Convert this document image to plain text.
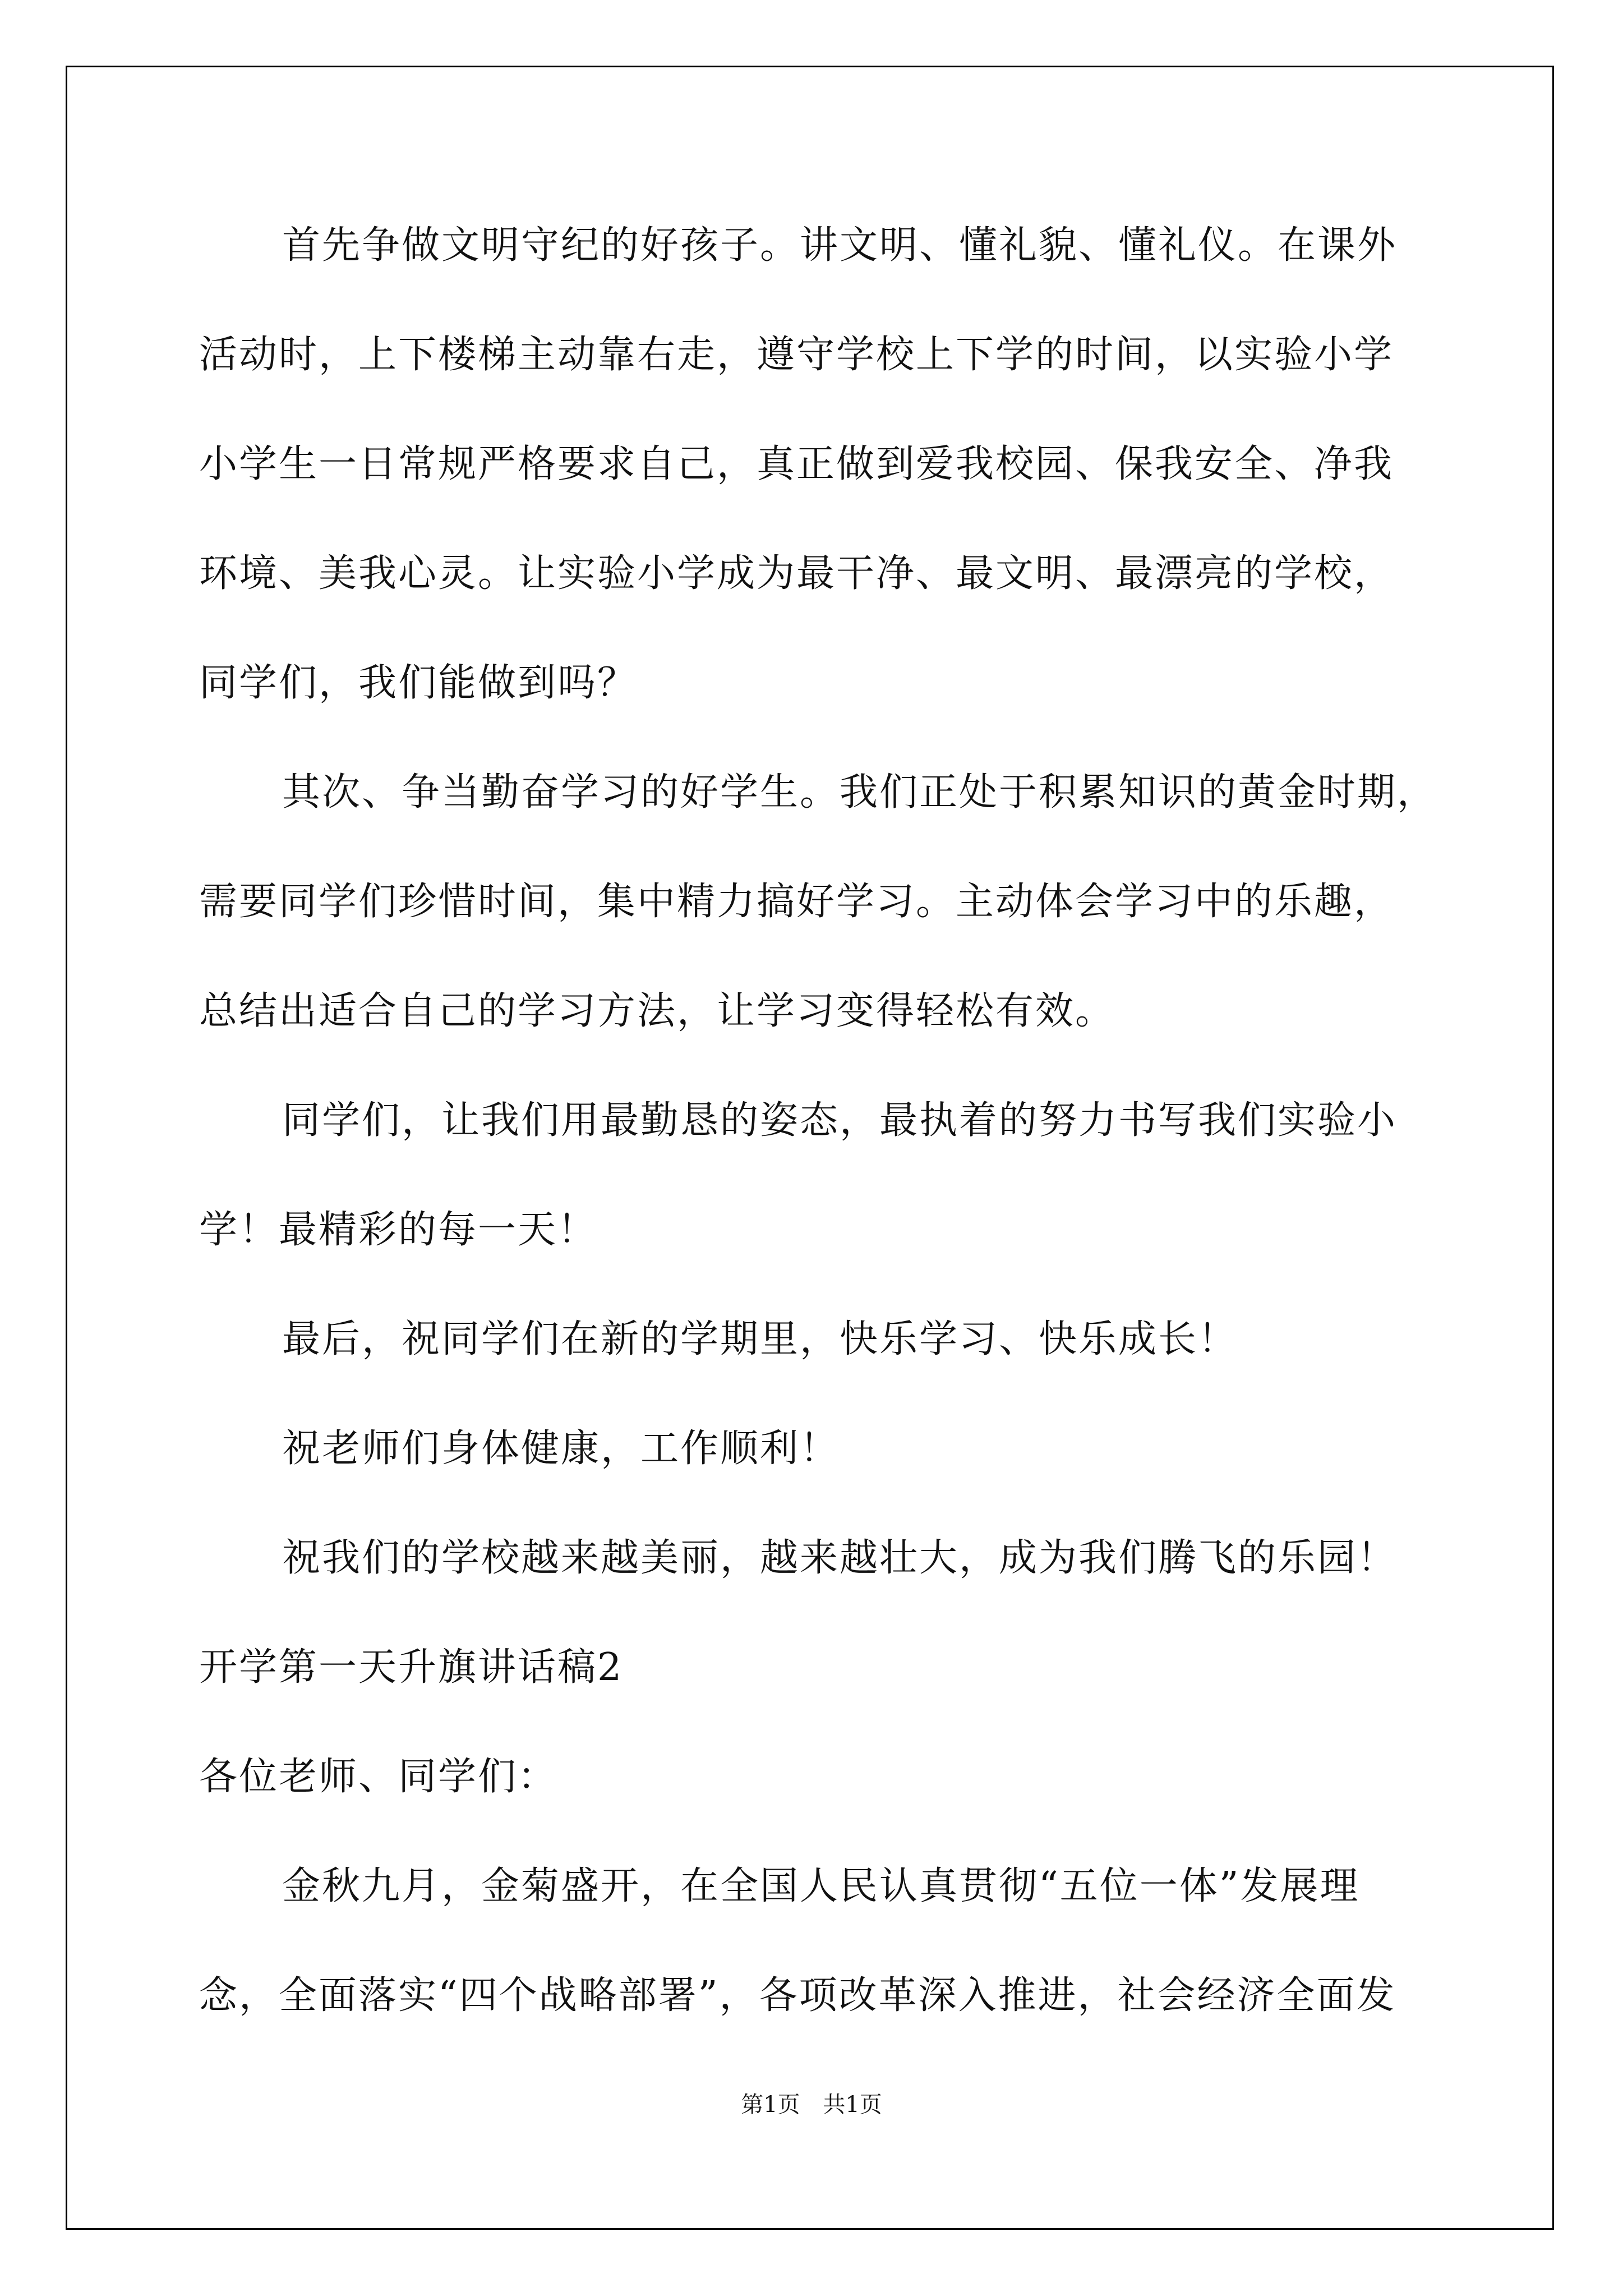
首先争做文明守纪的好孩子。讲文明、懂礼貌、懂礼仪。在课外
活动时，上下楼梯主动靠右走，遵守学校上下学的时间，以实验小学
小学生一日常规严格要求自己，真正做到爱我校园、保我安全、净我
环境、美我心灵。让实验小学成为最干净、最文明、最漂亮的学校，
同学们，我们能做到吗？
其次、争当勤奋学习的好学生。我们正处于积累知识的黄金时期，
需要同学们珍惜时间，集中精力搞好学习。主动体会学习中的乐趣，
总结出适合自己的学习方法，让学习变得轻松有效。
同学们，让我们用最勤恳的姿态，最执着的努力书写我们实验小
学！最精彩的每一天！
最后，祝同学们在新的学期里，快乐学习、快乐成长！
祝老师们身体健康，工作顺利！
祝我们的学校越来越美丽，越来越壮大，成为我们腾飞的乐园！
开学第一天升旗讲话稿2
各位老师、同学们：
金秋九月，金菊盛开，在全国人民认真贯彻“五位一体”发展理
念，全面落实“四个战略部署”，各项改革深入推进，社会经济全面发
第1页 共1页
